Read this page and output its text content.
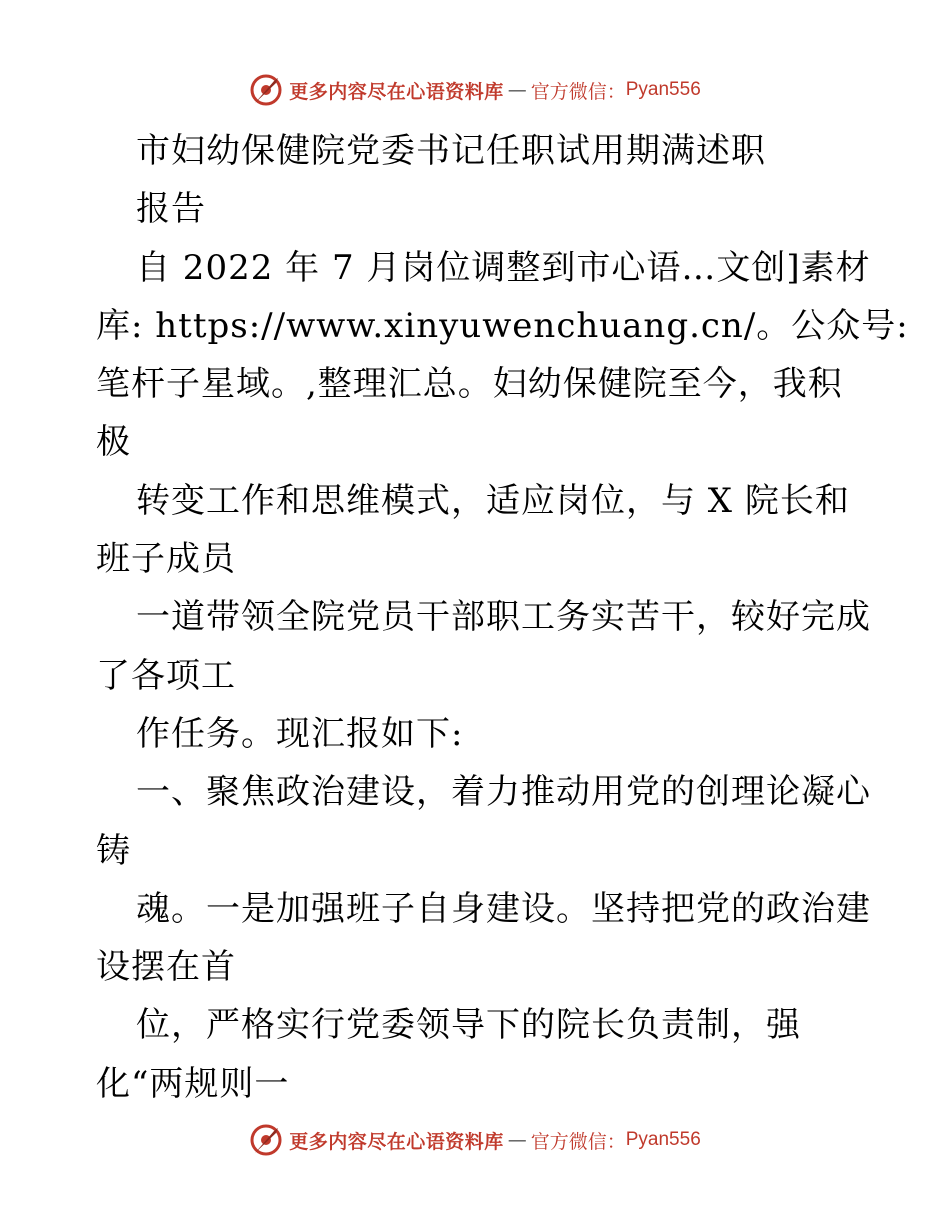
更多内容尽在心语资料库 — 官方微信： Pyan556
市妇幼保健院党委书记任职试用期满述职
报告
自 2022 年 7 月岗位调整到市心语…文创]素材
库: https://www.xinyuwenchuang.cn/。公众号:
笔杆子星域。,整理汇总。妇幼保健院至今，我积
极
转变工作和思维模式，适应岗位，与 X 院长和
班子成员
一道带领全院党员干部职工务实苦干，较好完成
了各项工
作任务。现汇报如下:
一、聚焦政治建设，着力推动用党的创理论凝心
铸
魂。一是加强班子自身建设。坚持把党的政治建
设摆在首
位，严格实行党委领导下的院长负责制，强
化“两规则一
更多内容尽在心语资料库 — 官方微信： Pyan556
